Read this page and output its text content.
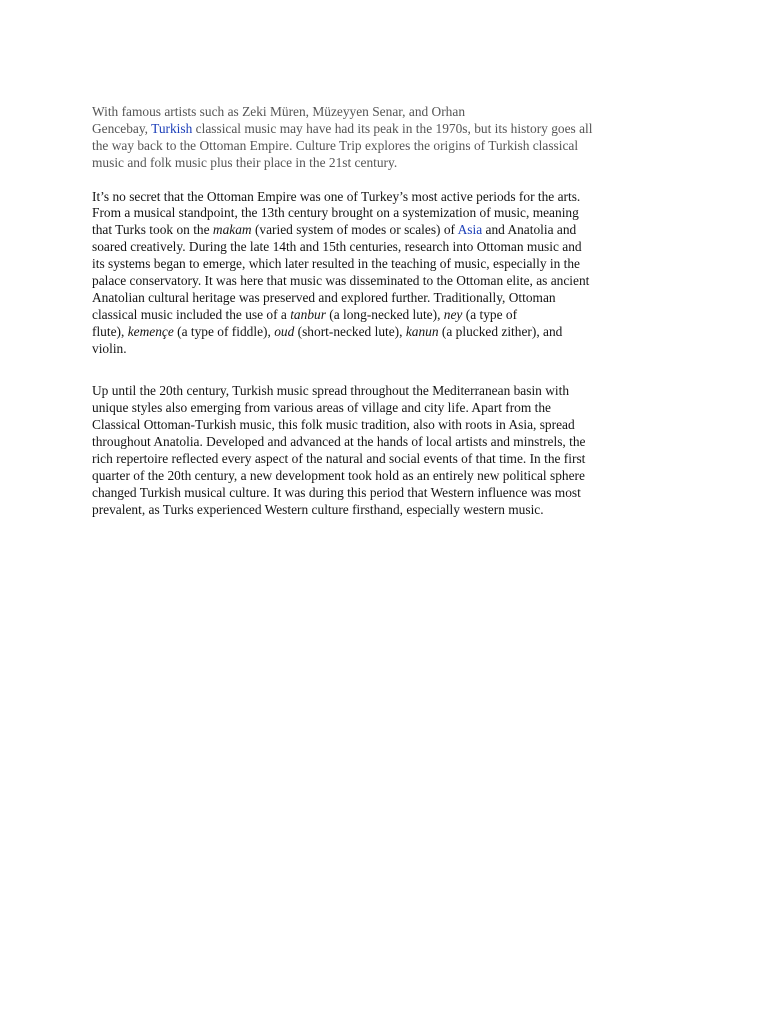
With famous artists such as Zeki Müren, Müzeyyen Senar, and Orhan
Gencebay, Turkish classical music may have had its peak in the 1970s, but its history goes all
the way back to the Ottoman Empire. Culture Trip explores the origins of Turkish classical
music and folk music plus their place in the 21st century.

It’s no secret that the Ottoman Empire was one of Turkey’s most active periods for the arts.
From a musical standpoint, the 13th century brought on a systemization of music, meaning
that Turks took on the makam (varied system of modes or scales) of Asia and Anatolia and
soared creatively. During the late 14th and 15th centuries, research into Ottoman music and
its systems began to emerge, which later resulted in the teaching of music, especially in the
palace conservatory. It was here that music was disseminated to the Ottoman elite, as ancient
Anatolian cultural heritage was preserved and explored further. Traditionally, Ottoman
classical music included the use of a tanbur (a long-necked lute), ney (a type of
flute), kemençe (a type of fiddle), oud (short-necked lute), kanun (a plucked zither), and
violin.

Up until the 20th century, Turkish music spread throughout the Mediterranean basin with
unique styles also emerging from various areas of village and city life. Apart from the
Classical Ottoman-Turkish music, this folk music tradition, also with roots in Asia, spread
throughout Anatolia. Developed and advanced at the hands of local artists and minstrels, the
rich repertoire reflected every aspect of the natural and social events of that time. In the first
quarter of the 20th century, a new development took hold as an entirely new political sphere
changed Turkish musical culture. It was during this period that Western influence was most
prevalent, as Turks experienced Western culture firsthand, especially western music.
